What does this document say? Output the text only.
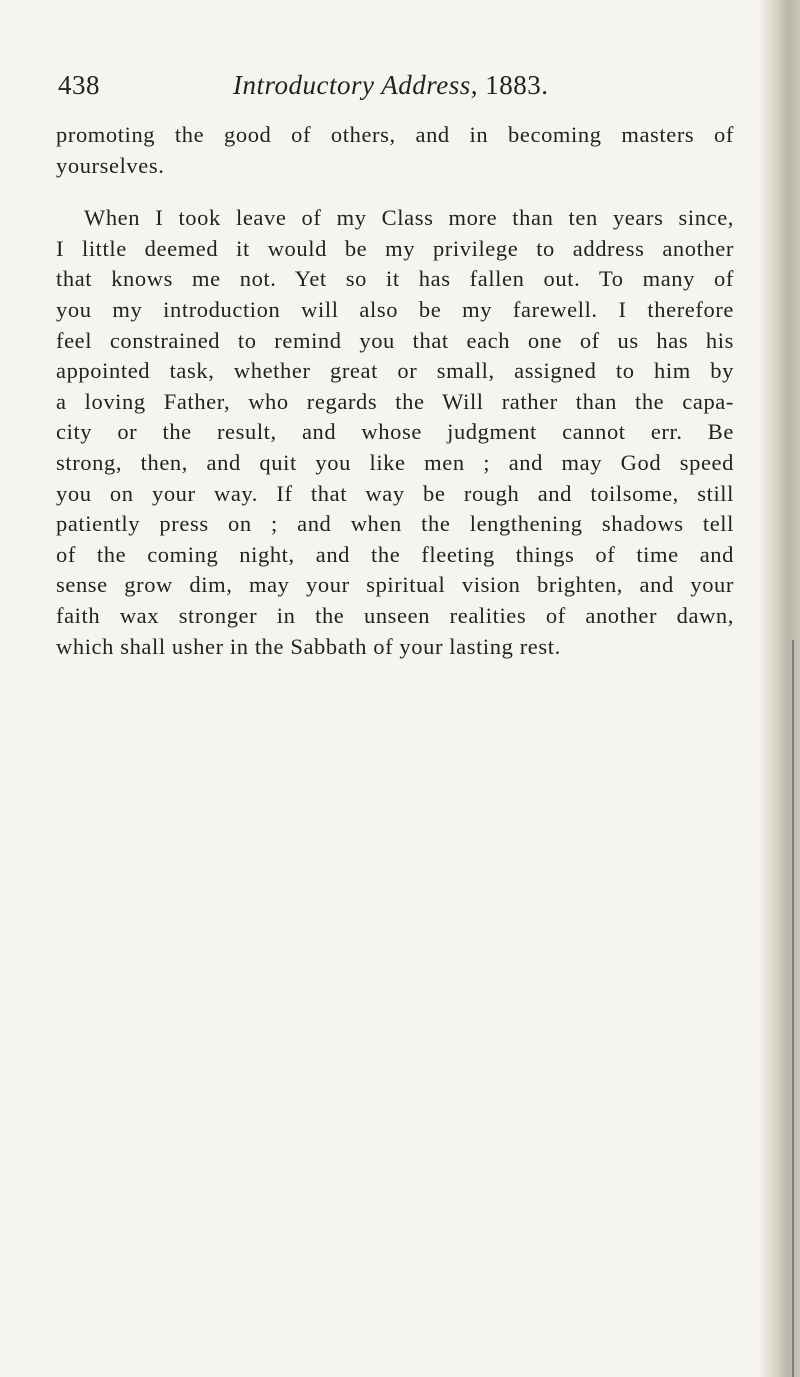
438	Introductory Address, 1883.

promoting the good of others, and in becoming masters of
yourselves.

When I took leave of my Class more than ten years since,
I little deemed it would be my privilege to address another
that knows me not. Yet so it has fallen out. To many of
you my introduction will also be my farewell. I therefore
feel constrained to remind you that each one of us has his
appointed task, whether great or small, assigned to him by
a loving Father, who regards the Will rather than the capa-
city or the result, and whose judgment cannot err. Be
strong, then, and quit you like men ; and may God speed
you on your way. If that way be rough and toilsome, still
patiently press on ; and when the lengthening shadows tell
of the coming night, and the fleeting things of time and
sense grow dim, may your spiritual vision brighten, and your
faith wax stronger in the unseen realities of another dawn,
which shall usher in the Sabbath of your lasting rest.
